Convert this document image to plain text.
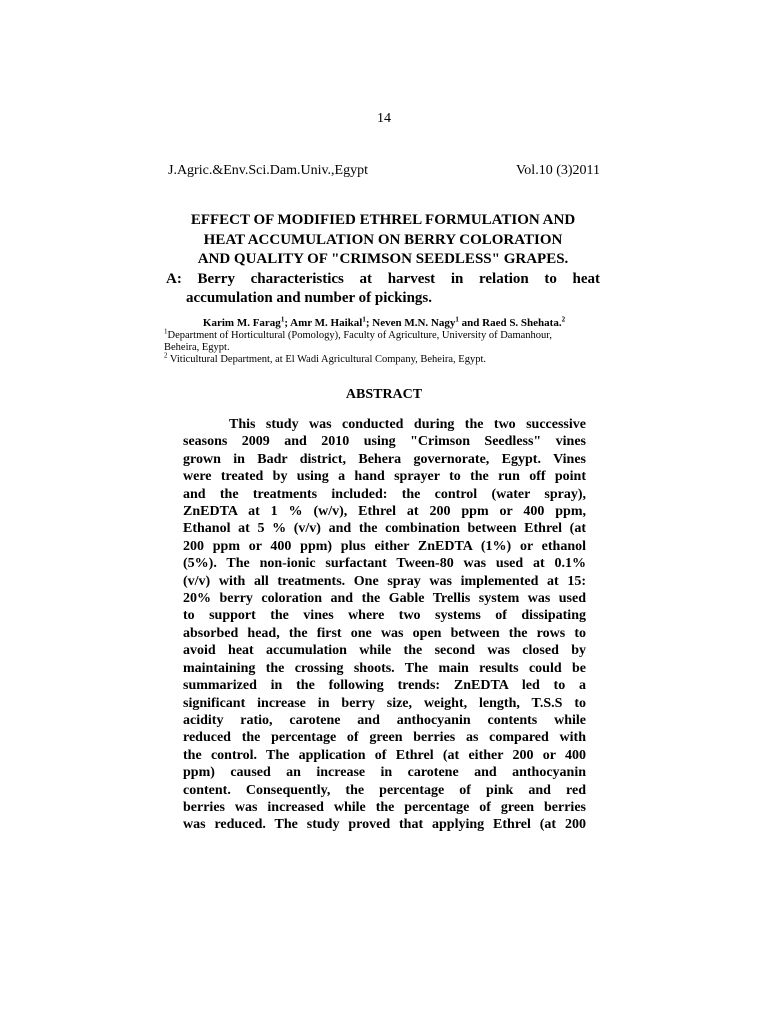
14
J.Agric.&Env.Sci.Dam.Univ.,Egypt	Vol.10 (3)2011
EFFECT OF MODIFIED ETHREL FORMULATION AND
HEAT ACCUMULATION ON BERRY COLORATION
AND QUALITY OF "CRIMSON SEEDLESS" GRAPES.
A: Berry characteristics at harvest in relation to heat
accumulation and number of pickings.
Karim M. Farag$^1$; Amr M. Haikal$^1$; Neven M.N. Nagy$^1$ and Raed S. Shehata.$^2$
$^1$Department of Horticultural (Pomology), Faculty of Agriculture, University of Damanhour,
Beheira, Egypt.
$^2$ Viticultural Department, at El Wadi Agricultural Company, Beheira, Egypt.
ABSTRACT
This study was conducted during the two successive
seasons 2009 and 2010 using "Crimson Seedless" vines
grown in Badr district, Behera governorate, Egypt. Vines
were treated by using a hand sprayer to the run off point
and the treatments included: the control (water spray),
ZnEDTA at 1 % (w/v), Ethrel at 200 ppm or 400 ppm,
Ethanol at 5 % (v/v) and the combination between Ethrel (at
200 ppm or 400 ppm) plus either ZnEDTA (1%) or ethanol
(5%). The non-ionic surfactant Tween-80 was used at 0.1%
(v/v) with all treatments. One spray was implemented at 15:
20% berry coloration and the Gable Trellis system was used
to support the vines where two systems of dissipating
absorbed head, the first one was open between the rows to
avoid heat accumulation while the second was closed by
maintaining the crossing shoots. The main results could be
summarized in the following trends: ZnEDTA led to a
significant increase in berry size, weight, length, T.S.S to
acidity ratio, carotene and anthocyanin contents while
reduced the percentage of green berries as compared with
the control. The application of Ethrel (at either 200 or 400
ppm) caused an increase in carotene and anthocyanin
content. Consequently, the percentage of pink and red
berries was increased while the percentage of green berries
was reduced. The study proved that applying Ethrel (at 200
